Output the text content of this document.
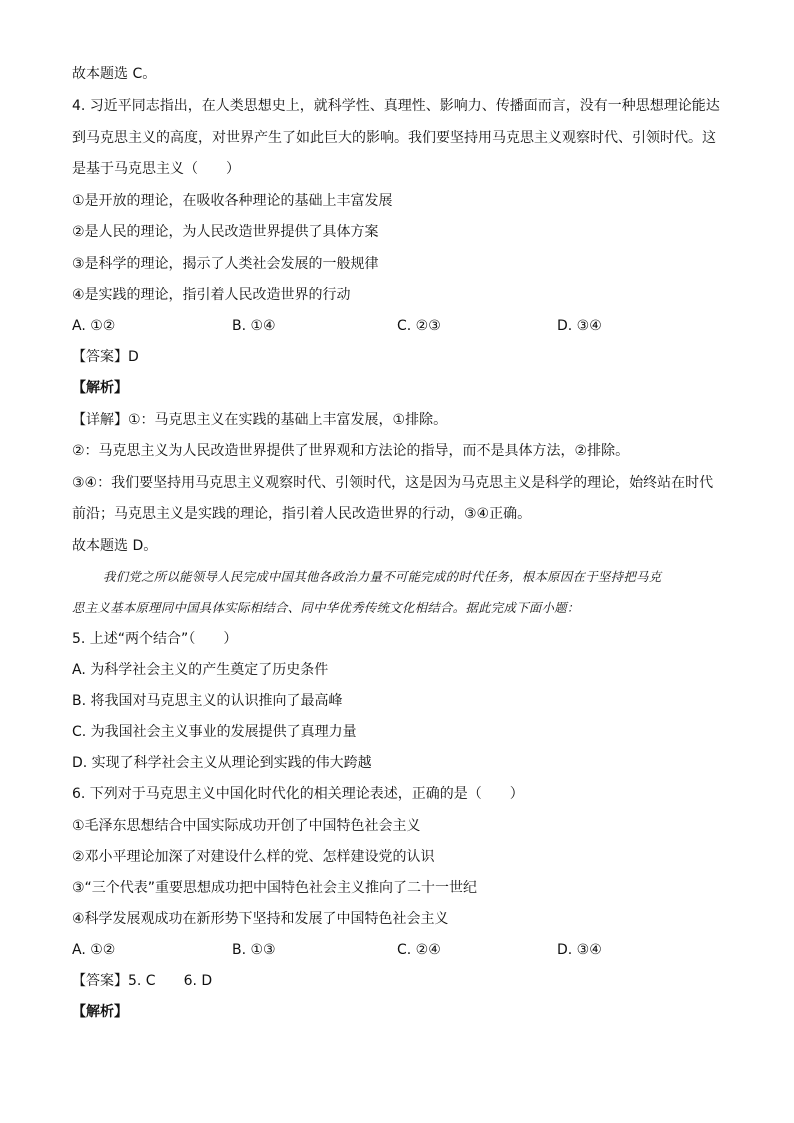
故本题选 C。
4. 习近平同志指出，在人类思想史上，就科学性、真理性、影响力、传播面而言，没有一种思想理论能达
到马克思主义的高度，对世界产生了如此巨大的影响。我们要坚持用马克思主义观察时代、引领时代。这
是基于马克思主义（　　）
①是开放的理论，在吸收各种理论的基础上丰富发展
②是人民的理论，为人民改造世界提供了具体方案
③是科学的理论，揭示了人类社会发展的一般规律
④是实践的理论，指引着人民改造世界的行动
A. ①②	B. ①④	C. ②③	D. ③④
【答案】D
【解析】
【详解】①：马克思主义在实践的基础上丰富发展，①排除。
②：马克思主义为人民改造世界提供了世界观和方法论的指导，而不是具体方法，②排除。
③④：我们要坚持用马克思主义观察时代、引领时代，这是因为马克思主义是科学的理论，始终站在时代
前沿；马克思主义是实践的理论，指引着人民改造世界的行动，③④正确。
故本题选 D。
我们党之所以能领导人民完成中国其他各政治力量不可能完成的时代任务，根本原因在于坚持把马克
思主义基本原理同中国具体实际相结合、同中华优秀传统文化相结合。据此完成下面小题：
5. 上述“两个结合”（　　）
A. 为科学社会主义的产生奠定了历史条件
B. 将我国对马克思主义的认识推向了最高峰
C. 为我国社会主义事业的发展提供了真理力量
D. 实现了科学社会主义从理论到实践的伟大跨越
6. 下列对于马克思主义中国化时代化的相关理论表述，正确的是（　　）
①毛泽东思想结合中国实际成功开创了中国特色社会主义
②邓小平理论加深了对建设什么样的党、怎样建设党的认识
③“三个代表”重要思想成功把中国特色社会主义推向了二十一世纪
④科学发展观成功在新形势下坚持和发展了中国特色社会主义
A. ①②	B. ①③	C. ②④	D. ③④
【答案】5. C　　6. D
【解析】
